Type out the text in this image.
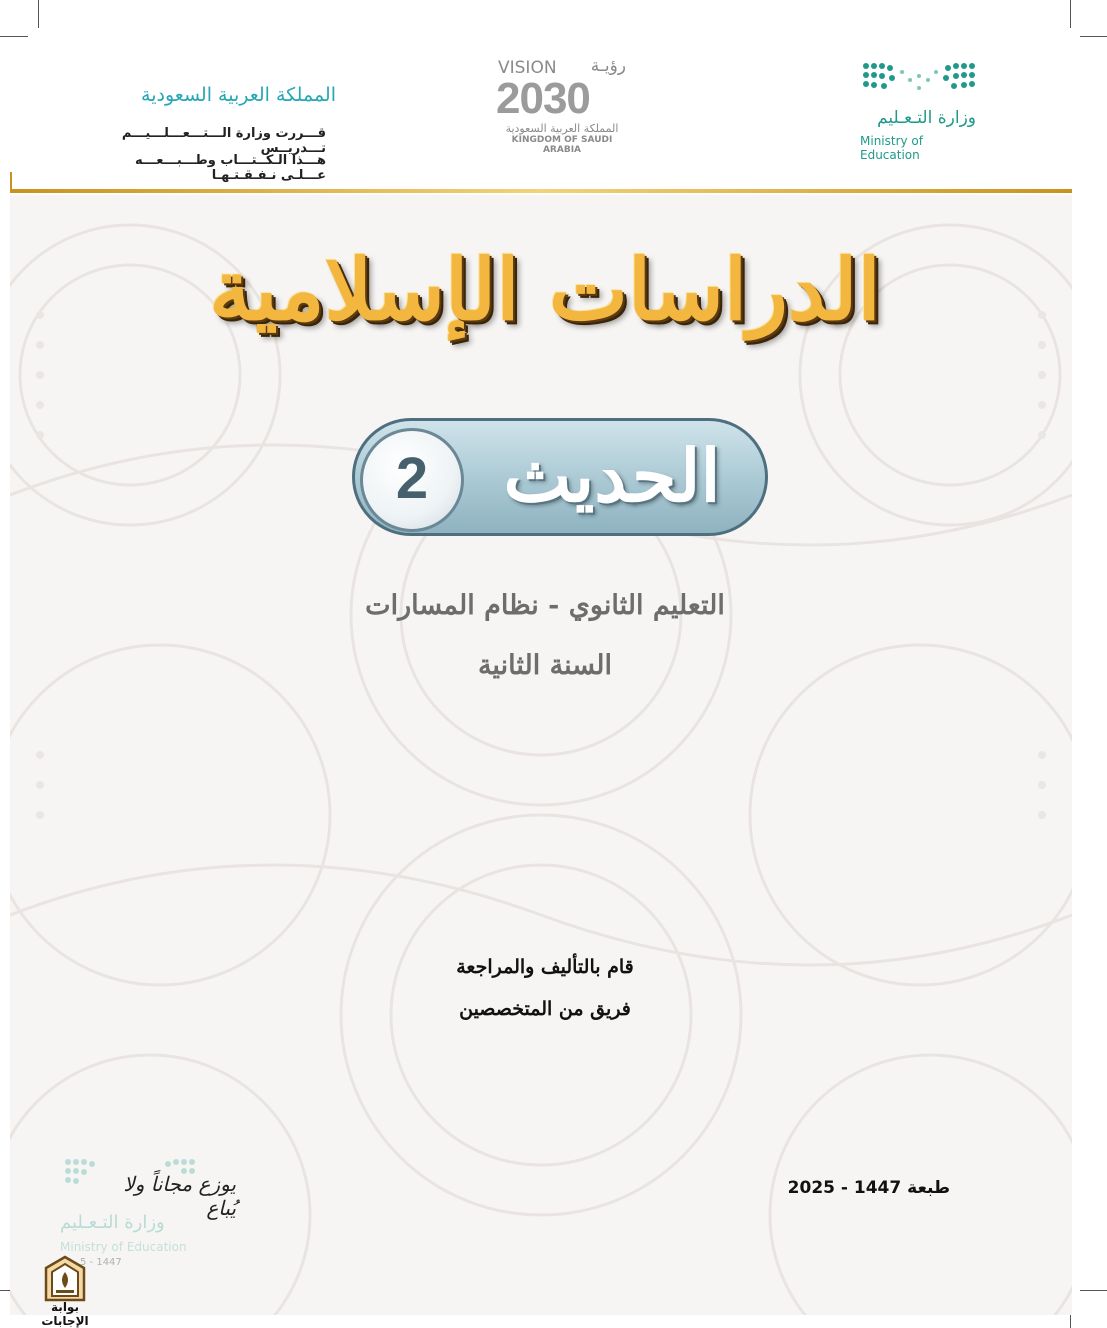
المملكة العربية السعودية
قـــررت وزارة الـــتـــعـــلـــيـــم تـــدريــس
هـــذا الـكــتـــاب وطـــبـــعـــه عـــلـى نـفـقـتـهـا
VISION رؤيـة
2030
المملكة العربية السعودية
KINGDOM OF SAUDI ARABIA
وزارة التـعـليم
Ministry of Education
الدراسات الإسلامية
2	الحديث
التعليم الثانوي - نظام المسارات
السنة الثانية
قام بالتأليف والمراجعة
فريق من المتخصصين
طبعة 1447 - 2025
يوزع مجاناً ولا يُباع
وزارة التـعـليم
Ministry of Education
5 - 1447
بوابة الإجابات
